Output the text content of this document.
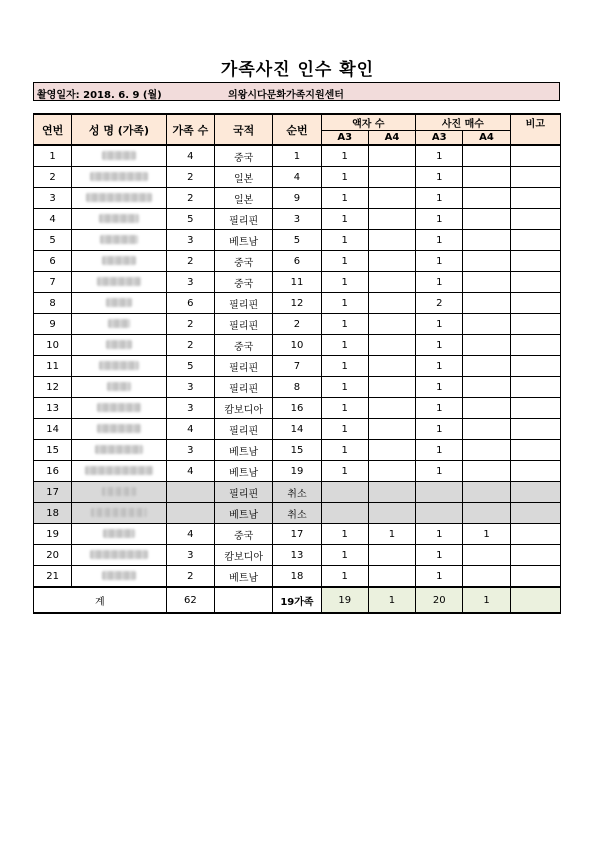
가족사진 인수 확인
촬영일자: 2018. 6. 9 (월)	의왕시다문화가족지원센터
연번	성 명 (가족)	가족 수	국적	순번	액자 수		사진 매수		비고
					A3	A4	A3	A4	
1		4	중국	1	1		1		
2		2	일본	4	1		1		
3		2	일본	9	1		1		
4		5	필리핀	3	1		1		
5		3	베트남	5	1		1		
6		2	중국	6	1		1		
7		3	중국	11	1		1		
8		6	필리핀	12	1		2		
9		2	필리핀	2	1		1		
10		2	중국	10	1		1		
11		5	필리핀	7	1		1		
12		3	필리핀	8	1		1		
13		3	캄보디아	16	1		1		
14		4	필리핀	14	1		1		
15		3	베트남	15	1		1		
16		4	베트남	19	1		1		
17			필리핀	취소					
18			베트남	취소					
19		4	중국	17	1	1	1	1	
20		3	캄보디아	13	1		1		
21		2	베트남	18	1		1		
계		62		19가족	19	1	20	1	
